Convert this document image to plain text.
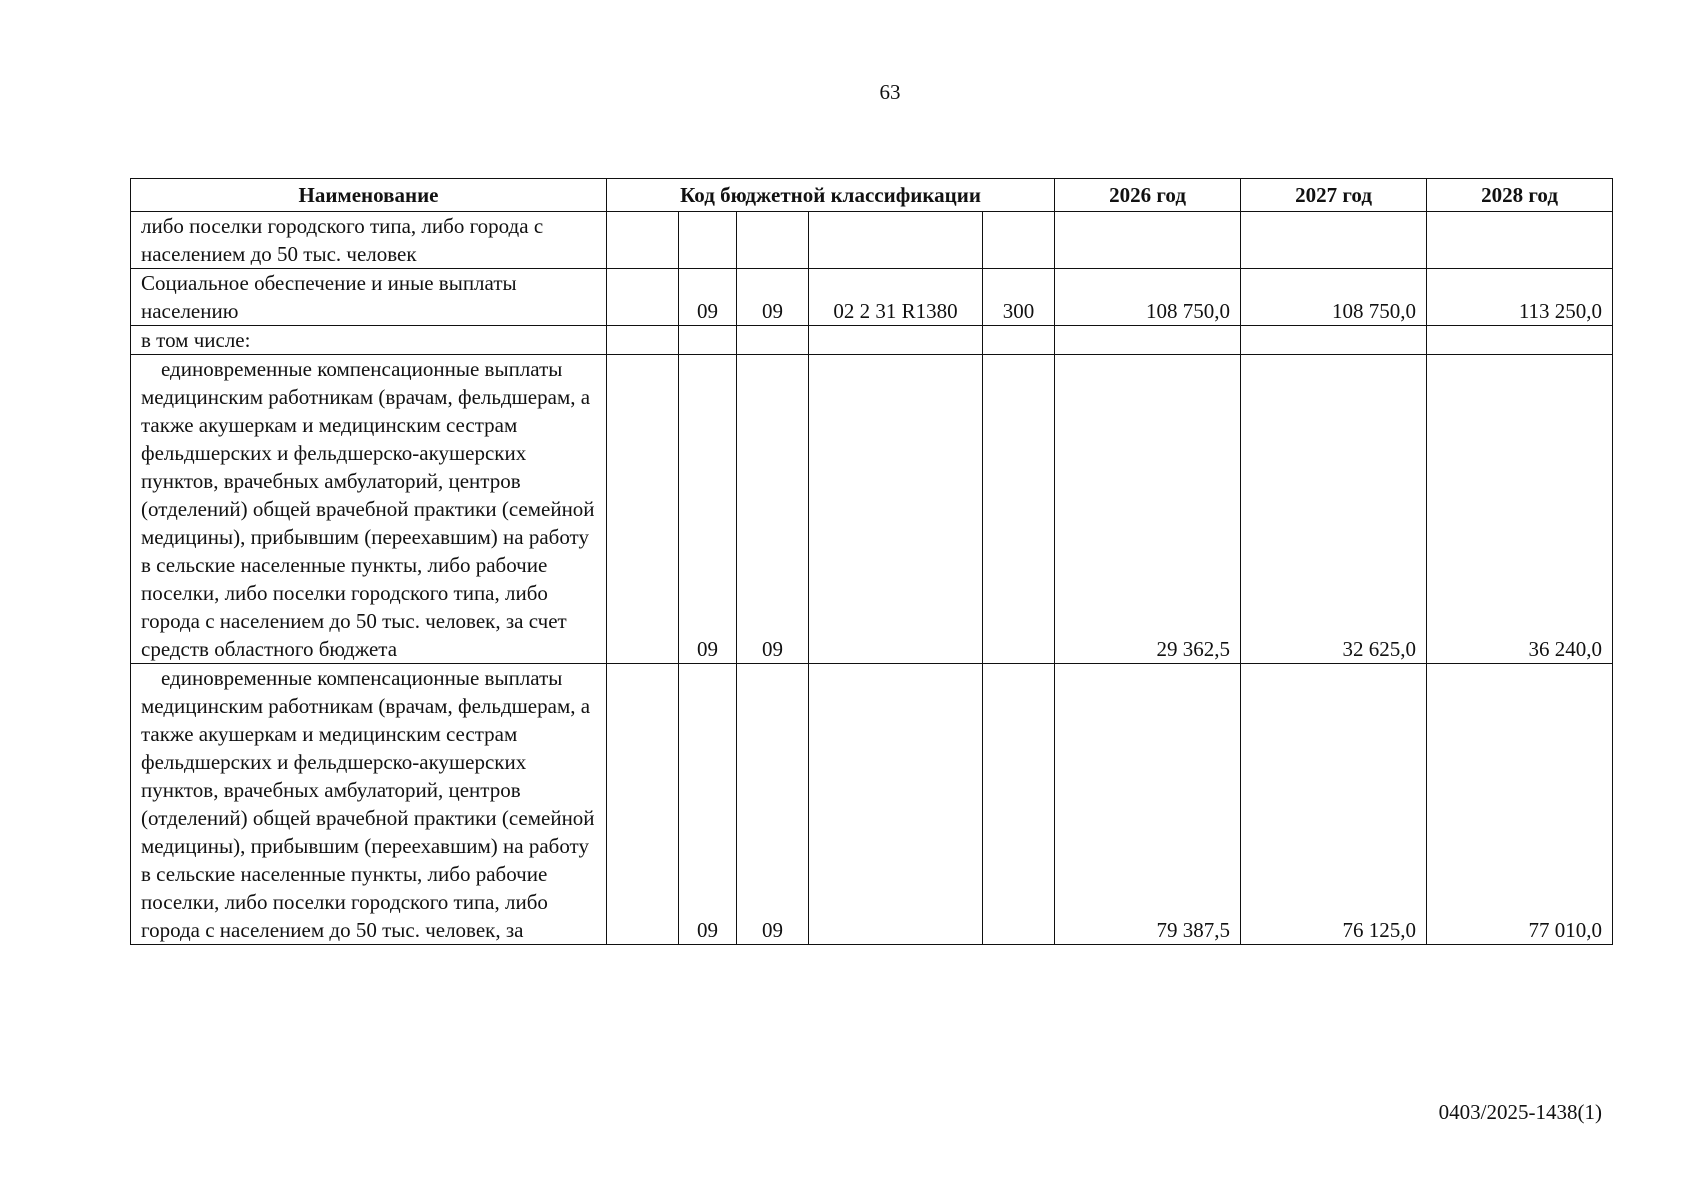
63
Наименование	Код бюджетной классификации					2026 год	2027 год	2028 год
либо поселки городского типа, либо города с населением до 50 тыс. человек								
Социальное обеспечение и иные выплаты населению		09	09	02 2 31 R1380	300	108 750,0	108 750,0	113 250,0
в том числе:								
единовременные компенсационные выплаты медицинским работникам (врачам, фельдшерам, а также акушеркам и медицинским сестрам фельдшерских и фельдшерско-акушерских пунктов, врачебных амбулаторий, центров (отделений) общей врачебной практики (семейной медицины), прибывшим (переехавшим) на работу в сельские населенные пункты, либо рабочие поселки, либо поселки городского типа, либо города с населением до 50 тыс. человек, за счет средств областного бюджета		09	09			29 362,5	32 625,0	36 240,0
единовременные компенсационные выплаты медицинским работникам (врачам, фельдшерам, а также акушеркам и медицинским сестрам фельдшерских и фельдшерско-акушерских пунктов, врачебных амбулаторий, центров (отделений) общей врачебной практики (семейной медицины), прибывшим (переехавшим) на работу в сельские населенные пункты, либо рабочие поселки, либо поселки городского типа, либо города с населением до 50 тыс. человек, за		09	09			79 387,5	76 125,0	77 010,0
0403/2025-1438(1)
